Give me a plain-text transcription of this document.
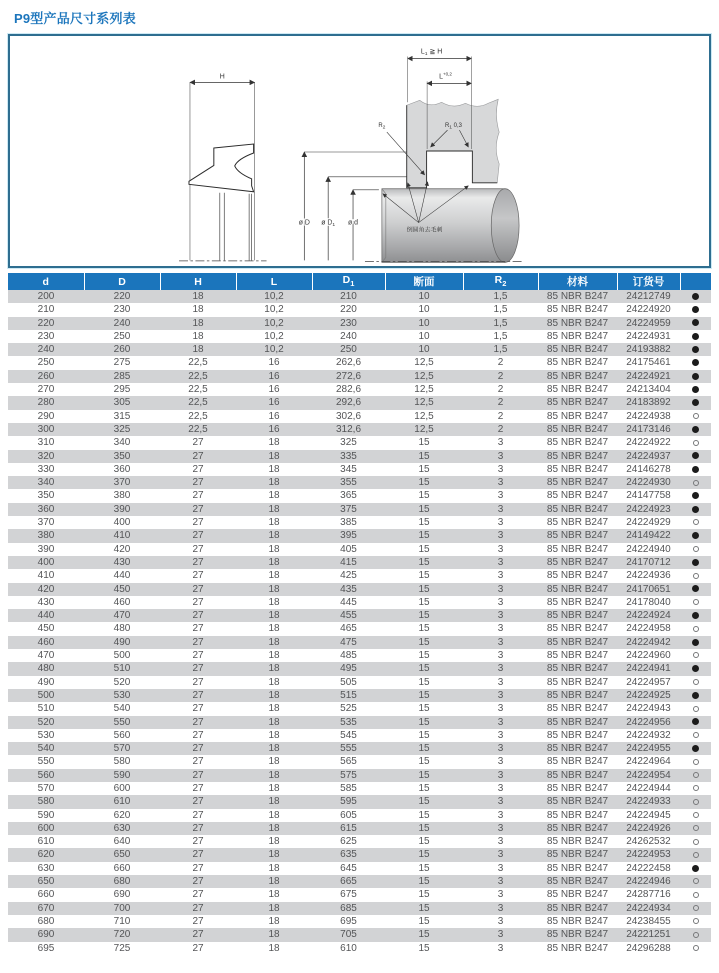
P9型产品尺寸系列表
H
ø D ø $D_1$ ø d
$L_1$ ≧ H
$L^{+0,2}$
$R_1$ 0,3
$R_2$
倒圆角去毛刺
d	D	H	L	$D_1$	断面	$R_2$	材料	订货号	
200	220	18	10,2	210	10	1,5	85 NBR B247	24212749	
210	230	18	10,2	220	10	1,5	85 NBR B247	24224920	
220	240	18	10,2	230	10	1,5	85 NBR B247	24224959	
230	250	18	10,2	240	10	1,5	85 NBR B247	24224931	
240	260	18	10,2	250	10	1,5	85 NBR B247	24193882	
250	275	22,5	16	262,6	12,5	2	85 NBR B247	24175461	
260	285	22,5	16	272,6	12,5	2	85 NBR B247	24224921	
270	295	22,5	16	282,6	12,5	2	85 NBR B247	24213404	
280	305	22,5	16	292,6	12,5	2	85 NBR B247	24183892	
290	315	22,5	16	302,6	12,5	2	85 NBR B247	24224938	
300	325	22,5	16	312,6	12,5	2	85 NBR B247	24173146	
310	340	27	18	325	15	3	85 NBR B247	24224922	
320	350	27	18	335	15	3	85 NBR B247	24224937	
330	360	27	18	345	15	3	85 NBR B247	24146278	
340	370	27	18	355	15	3	85 NBR B247	24224930	
350	380	27	18	365	15	3	85 NBR B247	24147758	
360	390	27	18	375	15	3	85 NBR B247	24224923	
370	400	27	18	385	15	3	85 NBR B247	24224929	
380	410	27	18	395	15	3	85 NBR B247	24149422	
390	420	27	18	405	15	3	85 NBR B247	24224940	
400	430	27	18	415	15	3	85 NBR B247	24170712	
410	440	27	18	425	15	3	85 NBR B247	24224936	
420	450	27	18	435	15	3	85 NBR B247	24170651	
430	460	27	18	445	15	3	85 NBR B247	24178040	
440	470	27	18	455	15	3	85 NBR B247	24224924	
450	480	27	18	465	15	3	85 NBR B247	24224958	
460	490	27	18	475	15	3	85 NBR B247	24224942	
470	500	27	18	485	15	3	85 NBR B247	24224960	
480	510	27	18	495	15	3	85 NBR B247	24224941	
490	520	27	18	505	15	3	85 NBR B247	24224957	
500	530	27	18	515	15	3	85 NBR B247	24224925	
510	540	27	18	525	15	3	85 NBR B247	24224943	
520	550	27	18	535	15	3	85 NBR B247	24224956	
530	560	27	18	545	15	3	85 NBR B247	24224932	
540	570	27	18	555	15	3	85 NBR B247	24224955	
550	580	27	18	565	15	3	85 NBR B247	24224964	
560	590	27	18	575	15	3	85 NBR B247	24224954	
570	600	27	18	585	15	3	85 NBR B247	24224944	
580	610	27	18	595	15	3	85 NBR B247	24224933	
590	620	27	18	605	15	3	85 NBR B247	24224945	
600	630	27	18	615	15	3	85 NBR B247	24224926	
610	640	27	18	625	15	3	85 NBR B247	24262532	
620	650	27	18	635	15	3	85 NBR B247	24224953	
630	660	27	18	645	15	3	85 NBR B247	24222458	
650	680	27	18	665	15	3	85 NBR B247	24224946	
660	690	27	18	675	15	3	85 NBR B247	24287716	
670	700	27	18	685	15	3	85 NBR B247	24224934	
680	710	27	18	695	15	3	85 NBR B247	24238455	
690	720	27	18	705	15	3	85 NBR B247	24221251	
695	725	27	18	610	15	3	85 NBR B247	24296288	
